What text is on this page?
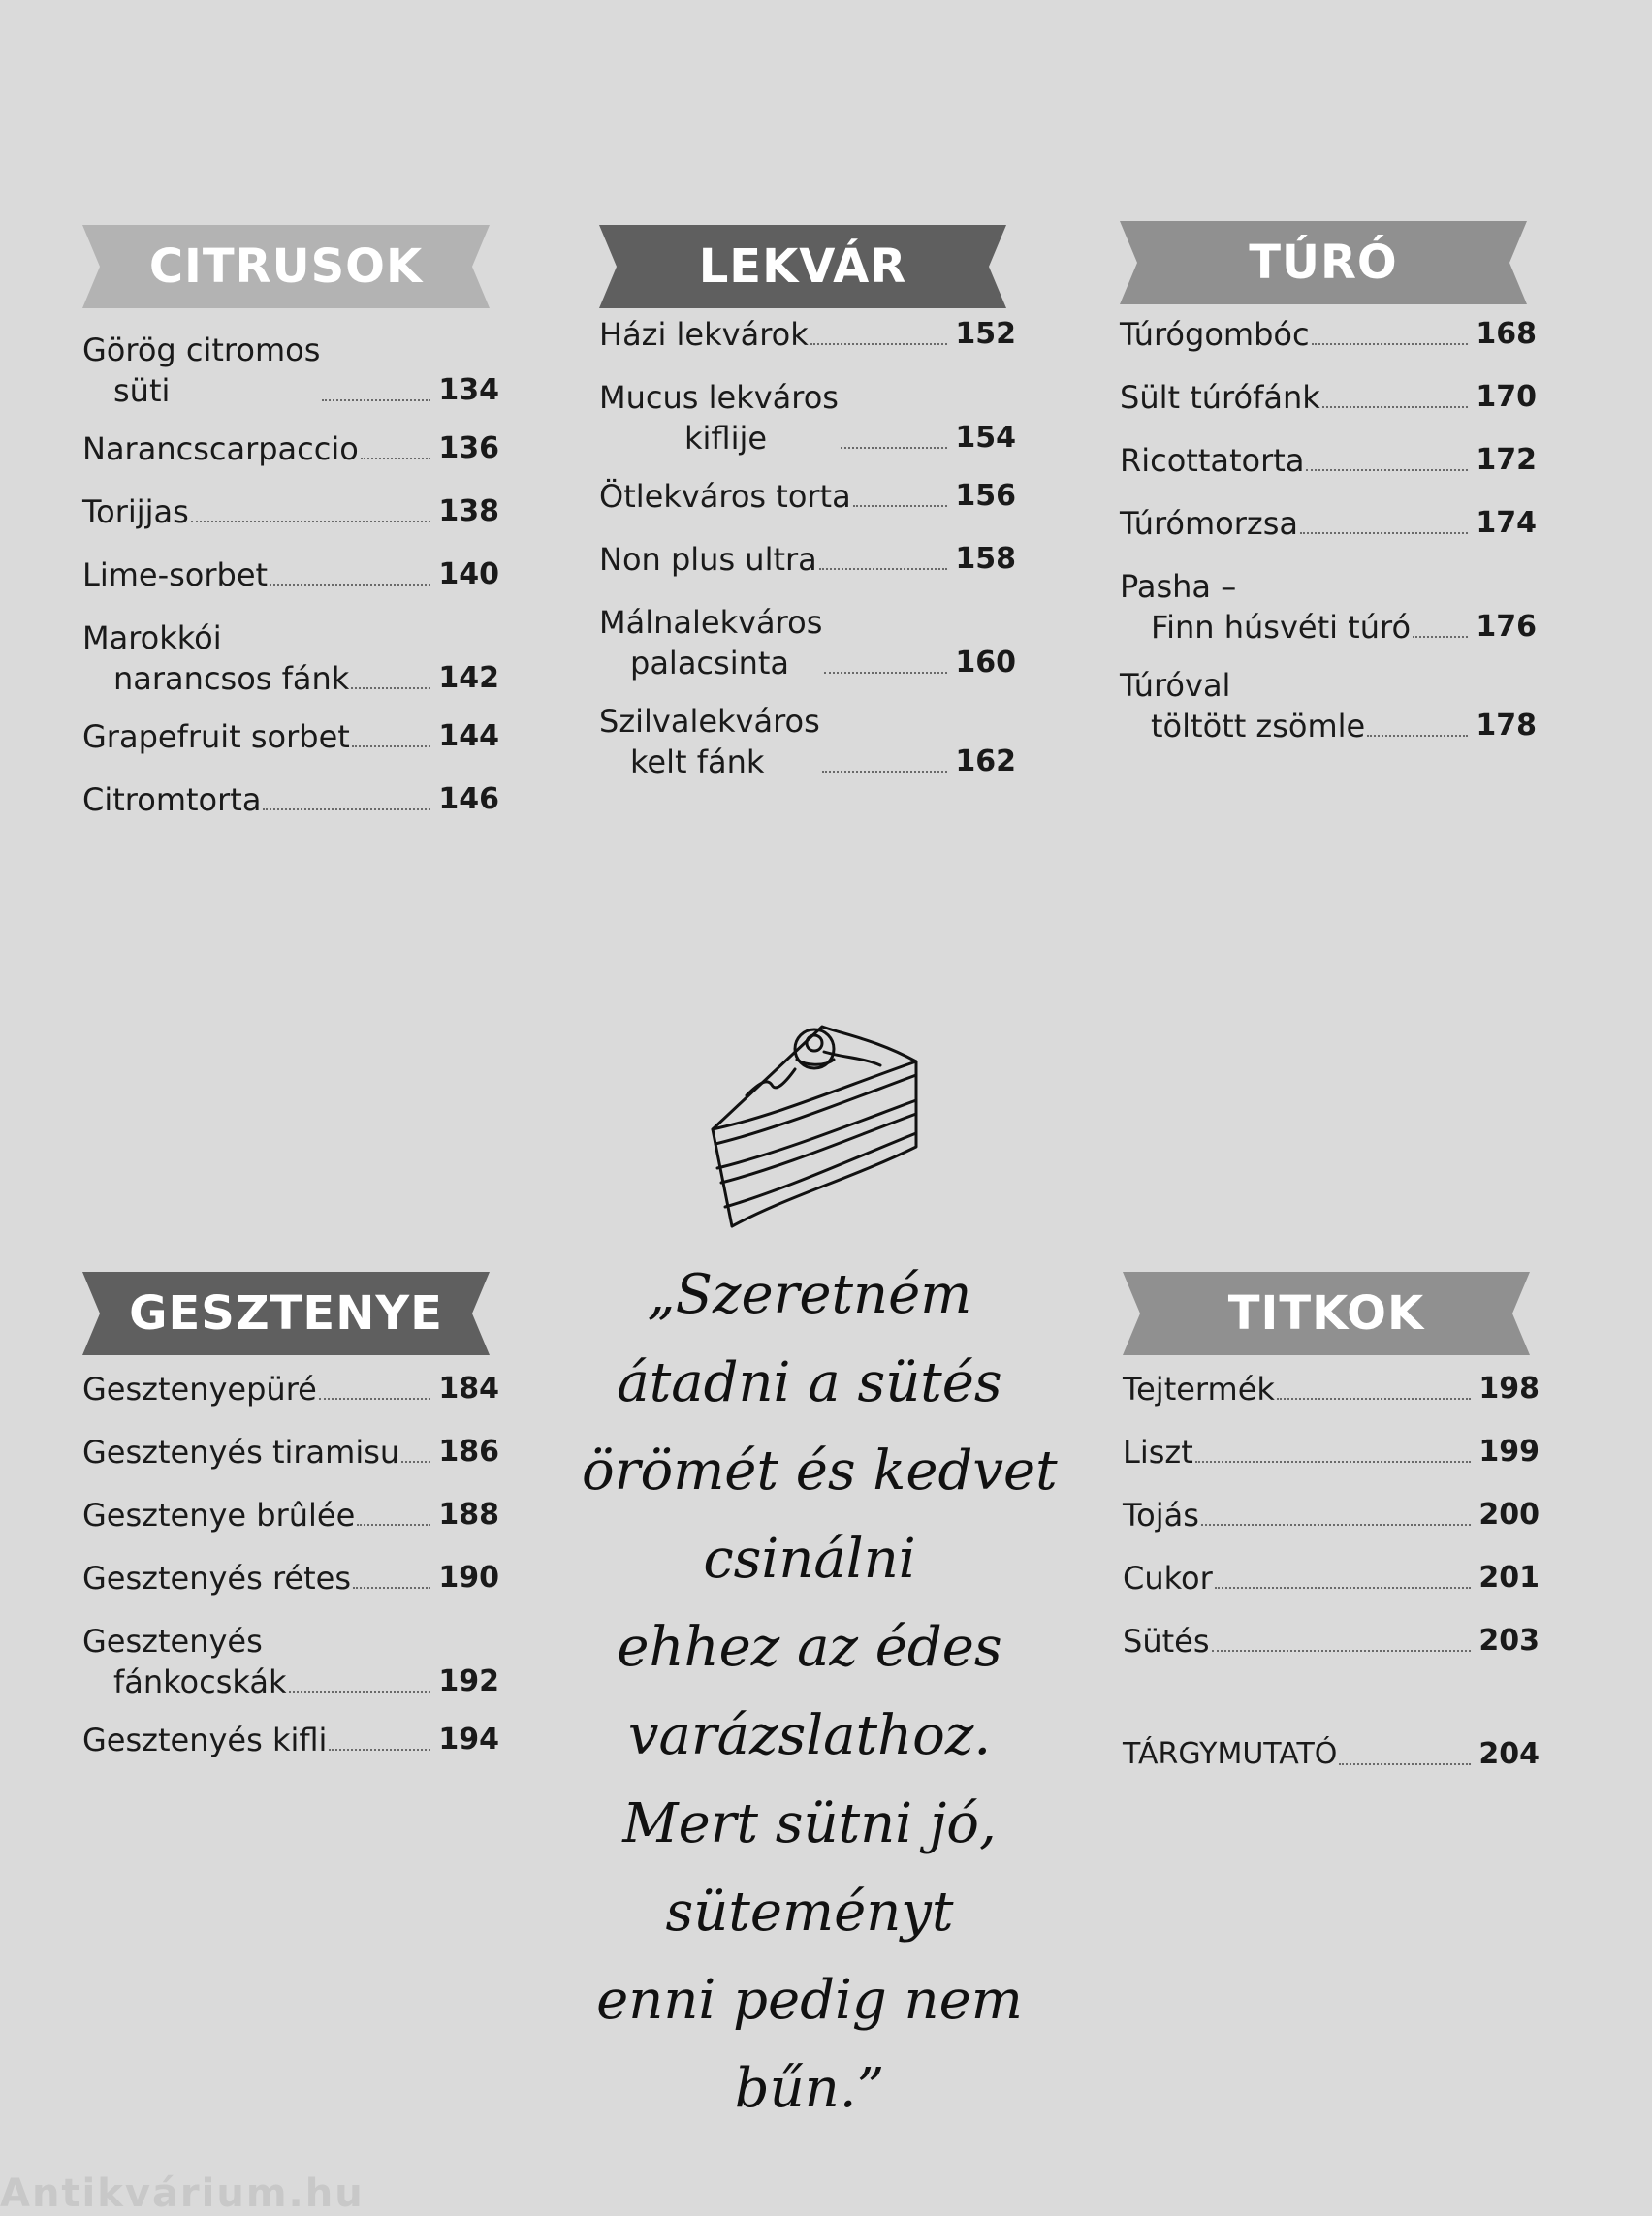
CITRUSOK
Görög citromos
süti	134
Narancscarpaccio	136
Torijjas	138
Lime-sorbet	140
Marokkói
narancsos fánk	142
Grapefruit sorbet	144
Citromtorta	146
LEKVÁR
Házi lekvárok	152
Mucus lekváros
kiflije	154
Ötlekváros torta	156
Non plus ultra	158
Málnalekváros
palacsinta	160
Szilvalekváros
kelt fánk	162
TÚRÓ
Túrógombóc	168
Sült túrófánk	170
Ricottatorta	172
Túrómorzsa	174
Pasha –
Finn húsvéti túró 176
Túróval
töltött zsömle	178
GESZTENYE
Gesztenyepüré	184
Gesztenyés tiramisu 186
Gesztenye brûlée	188
Gesztenyés rétes	190
Gesztenyés
fánkocskák	192
Gesztenyés kifli	194
„Szeretném
átadni a sütés
örömét és kedvet
csinálni
ehhez az édes
varázslathoz.
Mert sütni jó,
süteményt
enni pedig nem
bűn.”
TITKOK
Tejtermék	198
Liszt	199
Tojás	200
Cukor	201
Sütés	203
TÁRGYMUTATÓ	204
Antikvárium.hu
